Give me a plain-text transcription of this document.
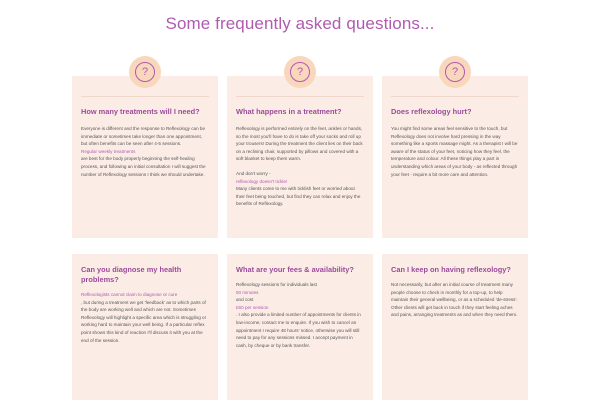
Some frequently asked questions...
How many treatments will I need?
Everyone is different and the response to Reflexology can be immediate or sometimes take longer than one appointment, but often benefits can be seen after 4-5 sessions.
Regular weekly treatments
are best for the body properly beginning the self-healing process, and following an initial consultation I will suggest the number of Reflexology sessions I think we should undertake.
What happens in a treatment?
Reflexology is performed entirely on the feet, ankles or hands, so the most you'll have to do is take off your socks and roll up your trousers! During the treatment the client lies on their back on a reclining chair, supported by pillows and covered with a soft blanket to keep them warm.
And don't worry -
reflexology doesn't tickle!
Many clients come to me with ticklish feet or worried about their feet being touched, but find they can relax and enjoy the benefits of Reflexology.
Does reflexology hurt?
You might find some areas feel sensitive to the touch, but Reflexology does not involve hard pressing in the way something like a sports massage might. As a therapist I will be aware of the status of your feet, noticing how they feel, the temperature and colour. All these things play a part in understanding which areas of your body - as reflected through your feet - require a bit more care and attention.
Can you diagnose my health problems?
Reflexologists cannot claim to diagnose or cure
, but during a treatment we get 'feedback' as to which parts of the body are working well and which are not. Sometimes Reflexology will highlight a specific area which is struggling or working hard to maintain your well being. If a particular reflex point shows this kind of reaction I'll discuss it with you at the end of the session.
What are your fees & availability?
Reflexology sessions for individuals last
50 minutes
and cost
£60 per session
. I also provide a limited number of appointments for clients in low-income; contact me to enquire. If you wish to cancel an appointment I require 48 hours' notice, otherwise you will still need to pay for any sessions missed. I accept payment in cash, by cheque or by bank transfer.
Can I keep on having reflexology?
Not necessarily, but after an initial course of treatment many people choose to check in monthly for a top-up, to help maintain their general wellbeing, or as a scheduled 'de-stress'. Other clients will get back in touch if they start feeling aches and pains, arranging treatments as and when they need them.
?	?	?
